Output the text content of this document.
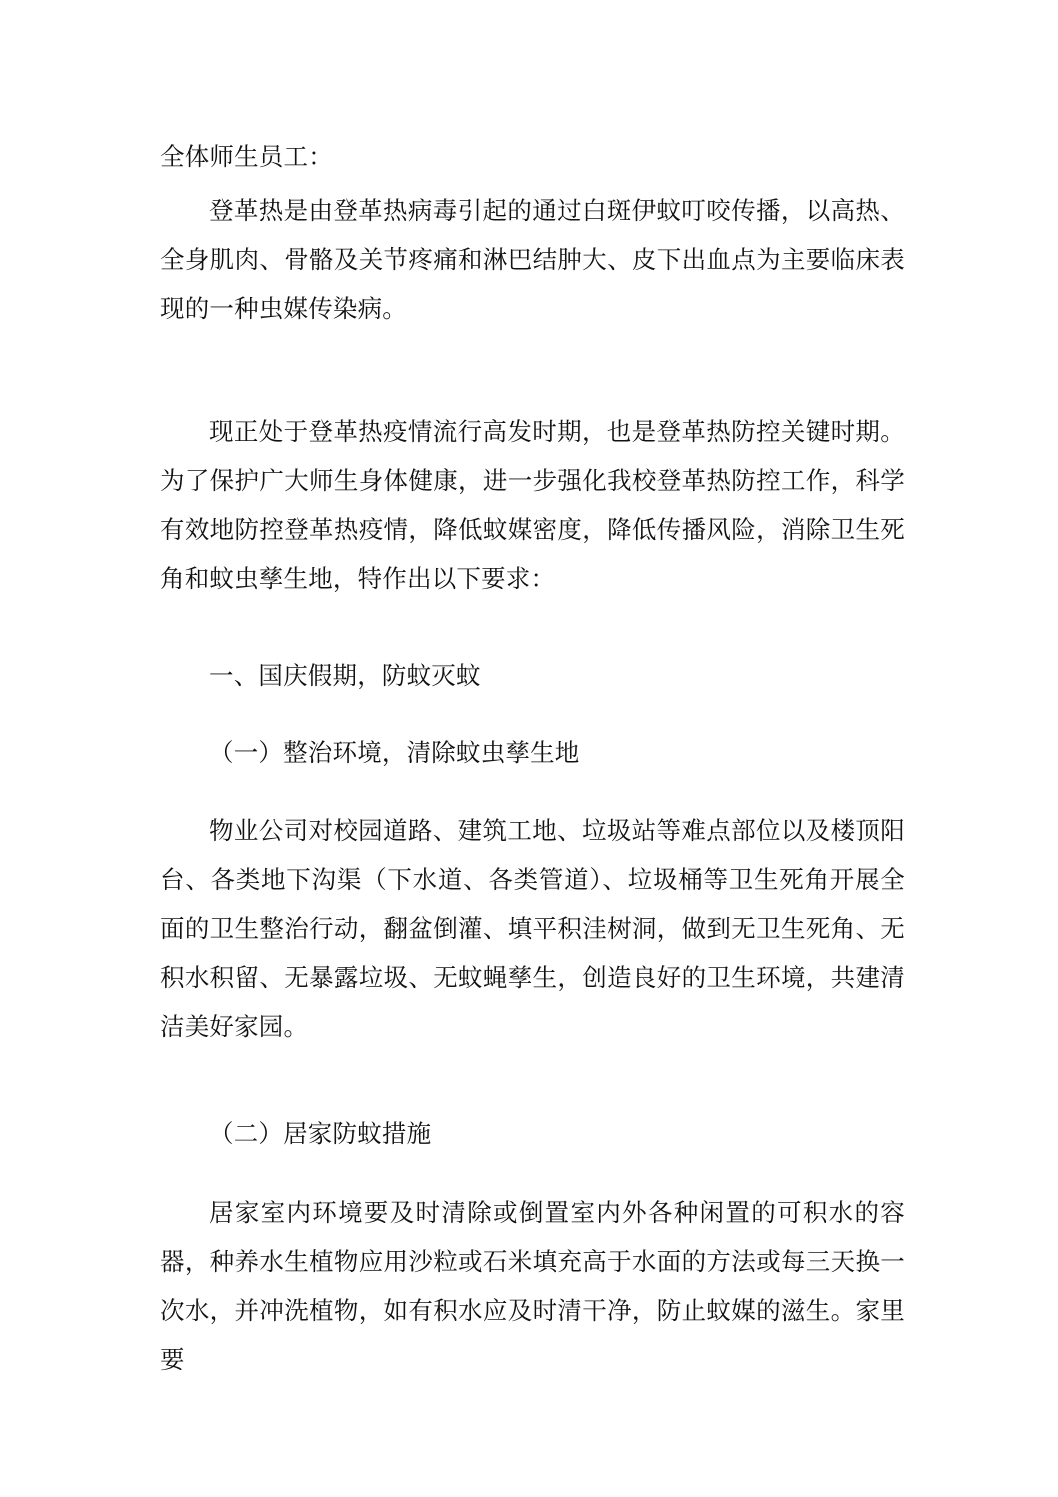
全体师生员工：

登革热是由登革热病毒引起的通过白斑伊蚊叮咬传播，以高热、全身肌肉、骨骼及关节疼痛和淋巴结肿大、皮下出血点为主要临床表现的一种虫媒传染病。

现正处于登革热疫情流行高发时期，也是登革热防控关键时期。为了保护广大师生身体健康，进一步强化我校登革热防控工作，科学有效地防控登革热疫情，降低蚊媒密度，降低传播风险，消除卫生死角和蚊虫孳生地，特作出以下要求：

一、国庆假期，防蚊灭蚊

（一）整治环境，清除蚊虫孳生地

物业公司对校园道路、建筑工地、垃圾站等难点部位以及楼顶阳台、各类地下沟渠（下水道、各类管道）、垃圾桶等卫生死角开展全面的卫生整治行动，翻盆倒灌、填平积洼树洞，做到无卫生死角、无积水积留、无暴露垃圾、无蚊蝇孳生，创造良好的卫生环境，共建清洁美好家园。

（二）居家防蚊措施

居家室内环境要及时清除或倒置室内外各种闲置的可积水的容器，种养水生植物应用沙粒或石米填充高于水面的方法或每三天换一次水，并冲洗植物，如有积水应及时清干净，防止蚊媒的滋生。家里要
